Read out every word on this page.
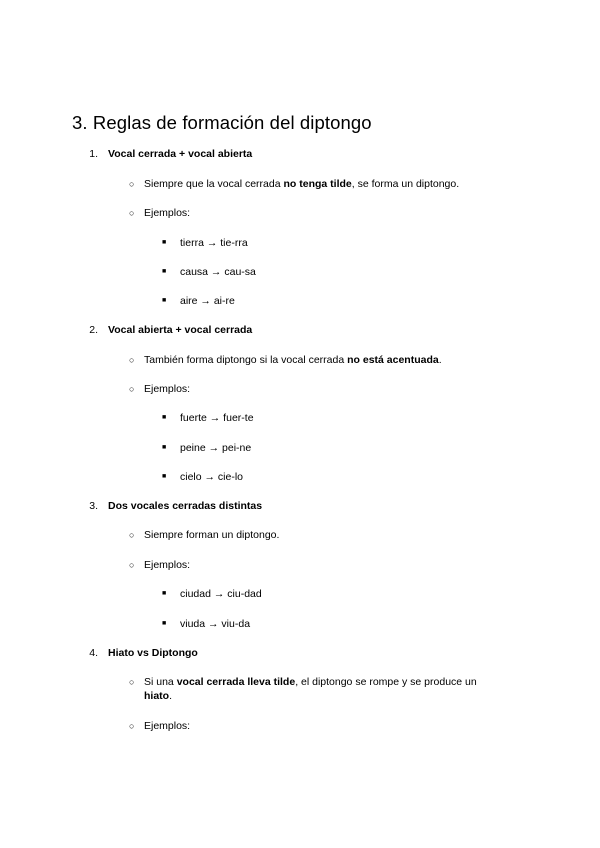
3. Reglas de formación del diptongo
1. Vocal cerrada + vocal abierta
○ Siempre que la vocal cerrada no tenga tilde, se forma un diptongo.
○ Ejemplos:
■ tierra → tie-rra
■ causa → cau-sa
■ aire → ai-re
2. Vocal abierta + vocal cerrada
○ También forma diptongo si la vocal cerrada no está acentuada.
○ Ejemplos:
■ fuerte → fuer-te
■ peine → pei-ne
■ cielo → cie-lo
3. Dos vocales cerradas distintas
○ Siempre forman un diptongo.
○ Ejemplos:
■ ciudad → ciu-dad
■ viuda → viu-da
4. Hiato vs Diptongo
○ Si una vocal cerrada lleva tilde, el diptongo se rompe y se produce un hiato.
○ Ejemplos:
